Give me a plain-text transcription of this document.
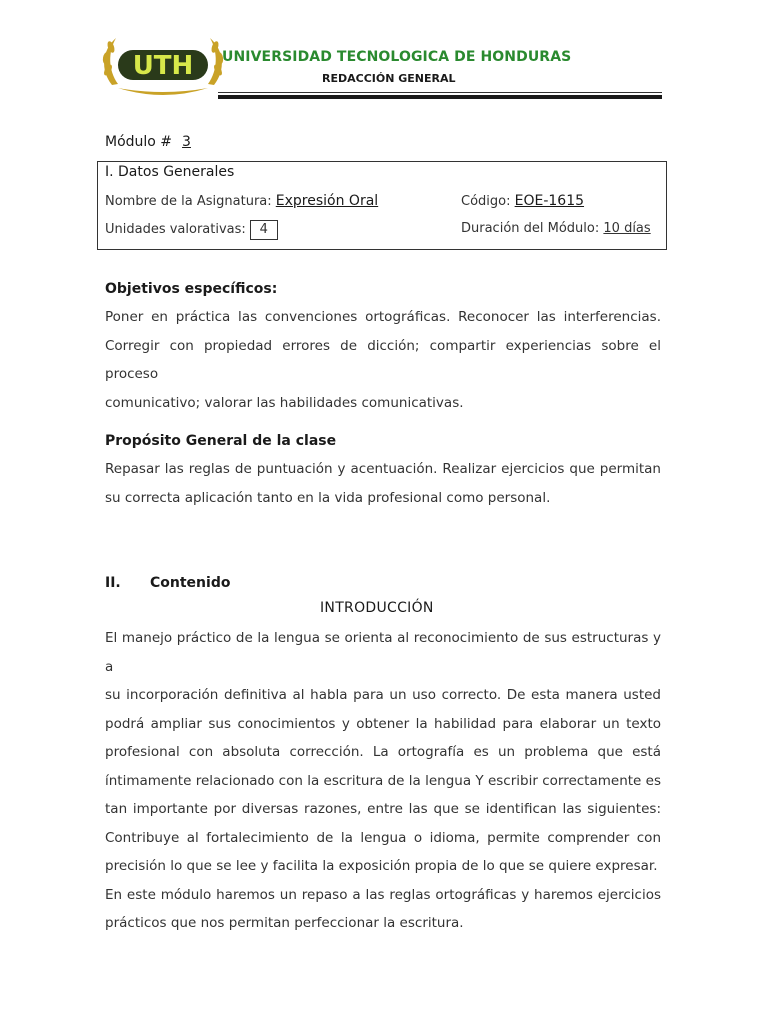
UTH UNIVERSIDAD TECNOLOGICA DE HONDURAS
REDACCIÓN GENERAL
Módulo # 3
I. Datos Generales
Nombre de la Asignatura: Expresión Oral	Código: EOE-1615
Unidades valorativas: 4	Duración del Módulo: 10 días
Objetivos específicos:
Poner en práctica las convenciones ortográficas. Reconocer las interferencias.
Corregir con propiedad errores de dicción; compartir experiencias sobre el proceso
comunicativo; valorar las habilidades comunicativas.
Propósito General de la clase
Repasar las reglas de puntuación y acentuación. Realizar ejercicios que permitan
su correcta aplicación tanto en la vida profesional como personal.
II. Contenido
INTRODUCCIÓN
El manejo práctico de la lengua se orienta al reconocimiento de sus estructuras y a
su incorporación definitiva al habla para un uso correcto. De esta manera usted
podrá ampliar sus conocimientos y obtener la habilidad para elaborar un texto
profesional con absoluta corrección. La ortografía es un problema que está
íntimamente relacionado con la escritura de la lengua Y escribir correctamente es
tan importante por diversas razones, entre las que se identifican las siguientes:
Contribuye al fortalecimiento de la lengua o idioma, permite comprender con
precisión lo que se lee y facilita la exposición propia de lo que se quiere expresar.
En este módulo haremos un repaso a las reglas ortográficas y haremos ejercicios
prácticos que nos permitan perfeccionar la escritura.
